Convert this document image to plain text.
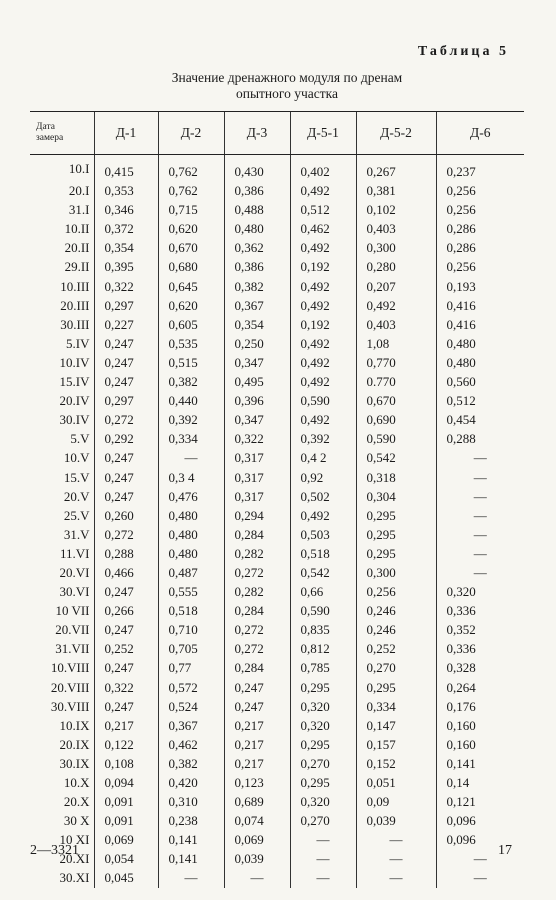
Таблица 5
Значение дренажного модуля по дренам
опытного участка
Дата
замера	Д-1	Д-2	Д-3	Д-5-1	Д-5-2	Д-6
10.I	0,415	0,762	0,430	0,402	0,267	0,237
20.I	0,353	0,762	0,386	0,492	0,381	0,256
31.I	0,346	0,715	0,488	0,512	0,102	0,256
10.II	0,372	0,620	0,480	0,462	0,403	0,286
20.II	0,354	0,670	0,362	0,492	0,300	0,286
29.II	0,395	0,680	0,386	0,192	0,280	0,256
10.III	0,322	0,645	0,382	0,492	0,207	0,193
20.III	0,297	0,620	0,367	0,492	0,492	0,416
30.III	0,227	0,605	0,354	0,192	0,403	0,416
5.IV	0,247	0,535	0,250	0,492	1,08	0,480
10.IV	0,247	0,515	0,347	0,492	0,770	0,480
15.IV	0,247	0,382	0,495	0,492	0.770	0,560
20.IV	0,297	0,440	0,396	0,590	0,670	0,512
30.IV	0,272	0,392	0,347	0,492	0,690	0,454
5.V	0,292	0,334	0,322	0,392	0,590	0,288
10.V	0,247	—	0,317	0,4 2	0,542	—
15.V	0,247	0,3 4	0,317	0,92	0,318	—
20.V	0,247	0,476	0,317	0,502	0,304	—
25.V	0,260	0,480	0,294	0,492	0,295	—
31.V	0,272	0,480	0,284	0,503	0,295	—
11.VI	0,288	0,480	0,282	0,518	0,295	—
20.VI	0,466	0,487	0,272	0,542	0,300	—
30.VI	0,247	0,555	0,282	0,66	0,256	0,320
10 VII	0,266	0,518	0,284	0,590	0,246	0,336
20.VII	0,247	0,710	0,272	0,835	0,246	0,352
31.VII	0,252	0,705	0,272	0,812	0,252	0,336
10.VIII	0,247	0,77	0,284	0,785	0,270	0,328
20.VIII	0,322	0,572	0,247	0,295	0,295	0,264
30.VIII	0,247	0,524	0,247	0,320	0,334	0,176
10.IX	0,217	0,367	0,217	0,320	0,147	0,160
20.IX	0,122	0,462	0,217	0,295	0,157	0,160
30.IX	0,108	0,382	0,217	0,270	0,152	0,141
10.X	0,094	0,420	0,123	0,295	0,051	0,14
20.X	0,091	0,310	0,689	0,320	0,09	0,121
30 X	0,091	0,238	0,074	0,270	0,039	0,096
10 XI	0,069	0,141	0,069	—	—	0,096
20.XI	0,054	0,141	0,039	—	—	—
30.XI	0,045	—	—	—	—	—
2—3321	17
